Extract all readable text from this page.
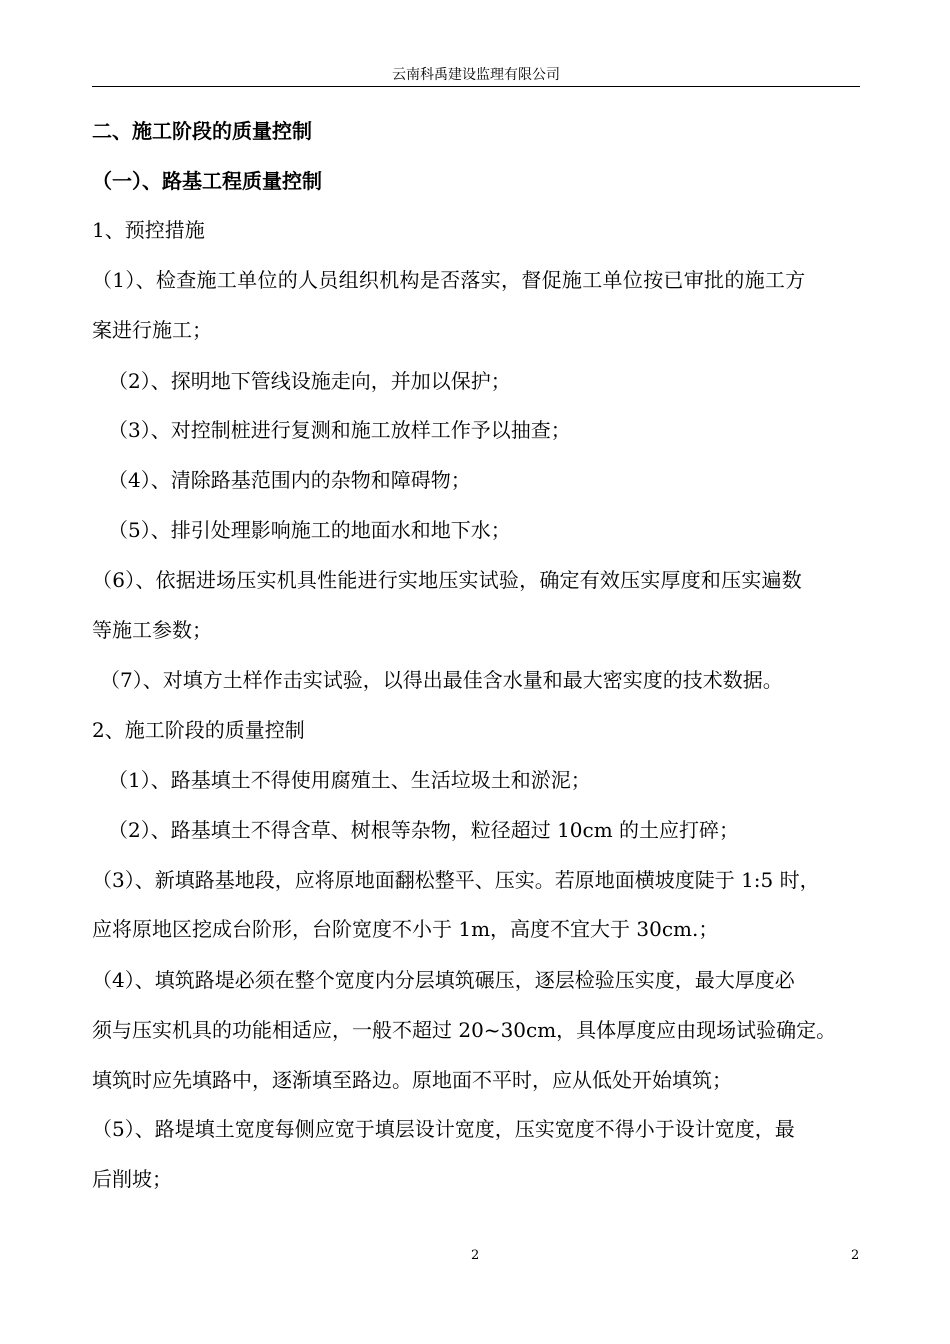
云南科禹建设监理有限公司
二、施工阶段的质量控制
（一）、路基工程质量控制
1、预控措施
（1）、检查施工单位的人员组织机构是否落实，督促施工单位按已审批的施工方
案进行施工；
（2）、探明地下管线设施走向，并加以保护；
（3）、对控制桩进行复测和施工放样工作予以抽查；
（4）、清除路基范围内的杂物和障碍物；
（5）、排引处理影响施工的地面水和地下水；
（6）、依据进场压实机具性能进行实地压实试验，确定有效压实厚度和压实遍数
等施工参数；
（7）、对填方土样作击实试验，以得出最佳含水量和最大密实度的技术数据。
2、施工阶段的质量控制
（1）、路基填土不得使用腐殖土、生活垃圾土和淤泥；
（2）、路基填土不得含草、树根等杂物，粒径超过 10cm 的土应打碎；
（3）、新填路基地段，应将原地面翻松整平、压实。若原地面横坡度陡于 1:5 时，
应将原地区挖成台阶形，台阶宽度不小于 1m，高度不宜大于 30cm.；
（4）、填筑路堤必须在整个宽度内分层填筑碾压，逐层检验压实度，最大厚度必
须与压实机具的功能相适应，一般不超过 20~30cm，具体厚度应由现场试验确定。
填筑时应先填路中，逐渐填至路边。原地面不平时，应从低处开始填筑；
（5）、路堤填土宽度每侧应宽于填层设计宽度，压实宽度不得小于设计宽度，最
后削坡；
2	2
